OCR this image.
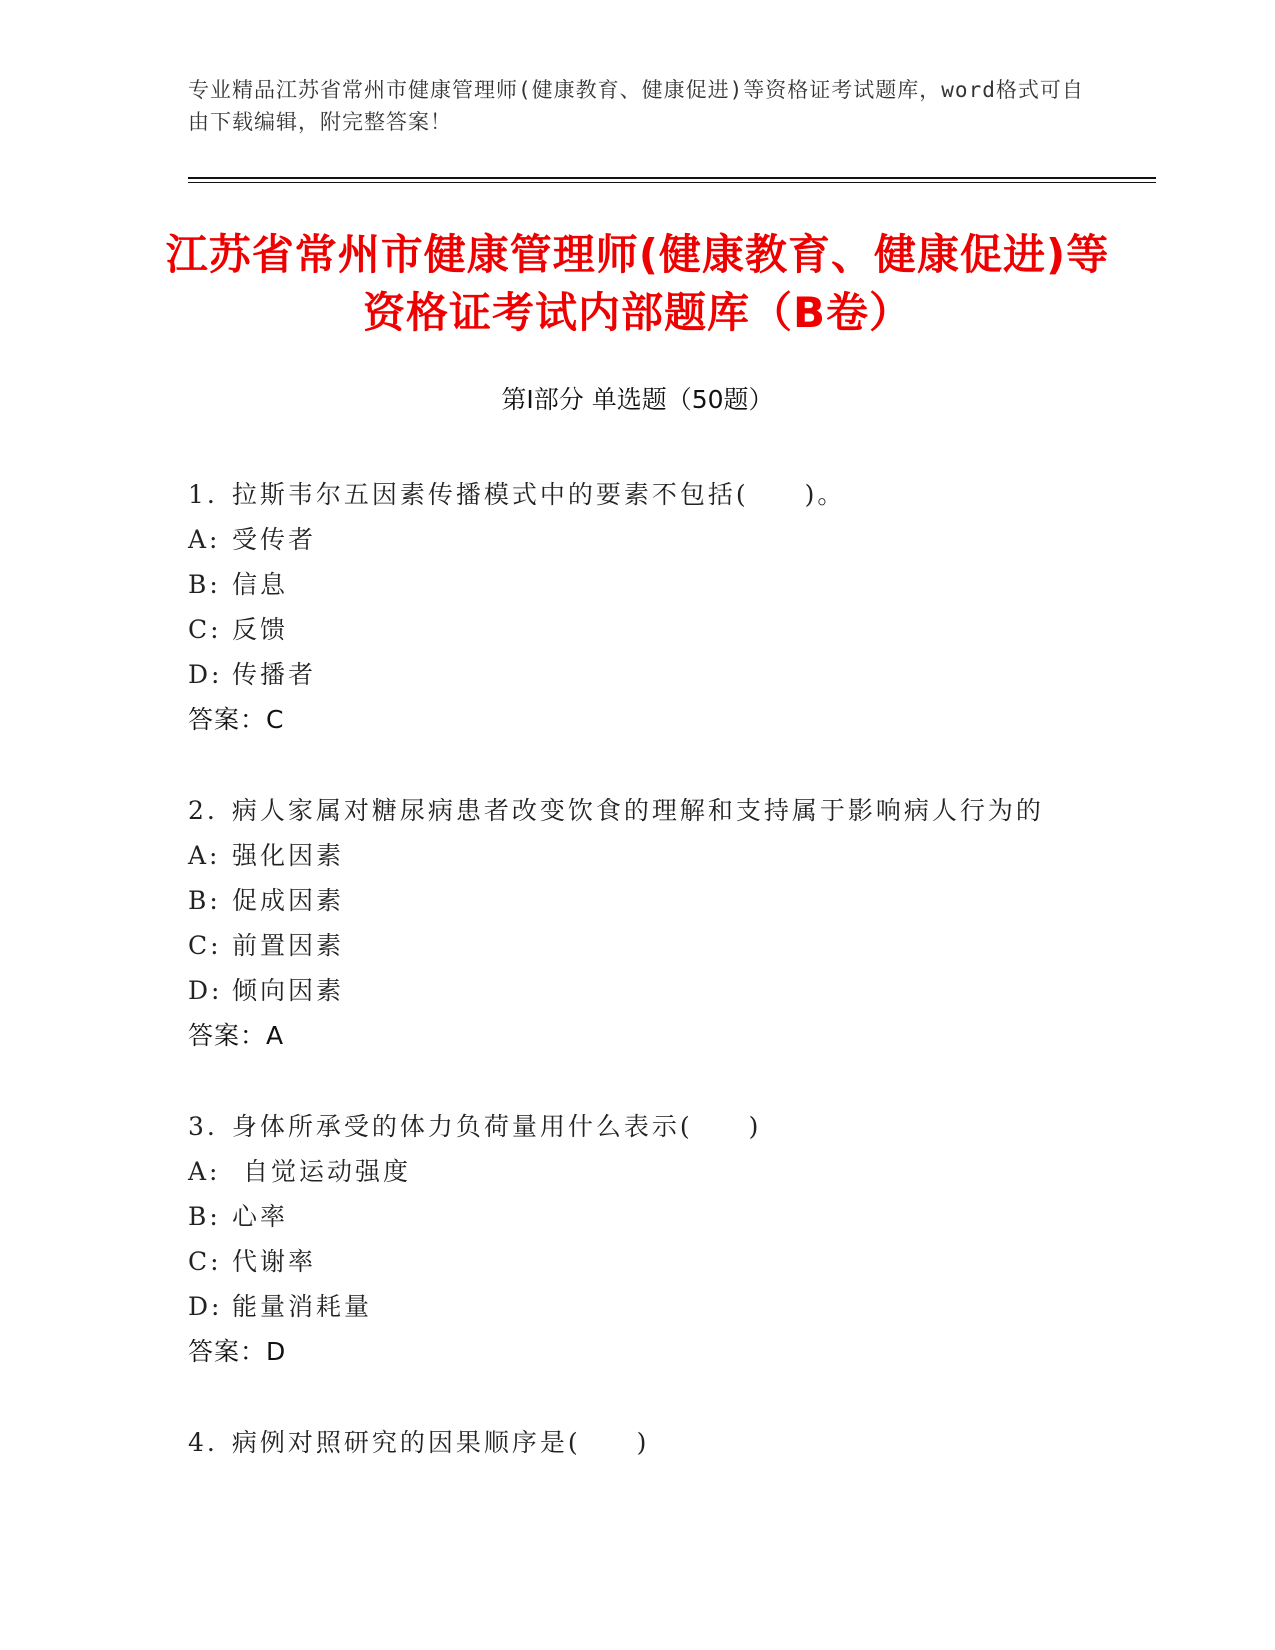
专业精品江苏省常州市健康管理师(健康教育、健康促进)等资格证考试题库，word格式可自由下载编辑，附完整答案！
江苏省常州市健康管理师(健康教育、健康促进)等资格证考试内部题库（B卷）
第Ⅰ部分 单选题（50题）
1. 拉斯韦尔五因素传播模式中的要素不包括(　　)。
A: 受传者
B: 信息
C: 反馈
D: 传播者
答案：C
2. 病人家属对糖尿病患者改变饮食的理解和支持属于影响病人行为的
A: 强化因素
B: 促成因素
C: 前置因素
D: 倾向因素
答案：A
3. 身体所承受的体力负荷量用什么表示(　　)
A: 自觉运动强度
B: 心率
C: 代谢率
D: 能量消耗量
答案：D
4. 病例对照研究的因果顺序是(　　)
